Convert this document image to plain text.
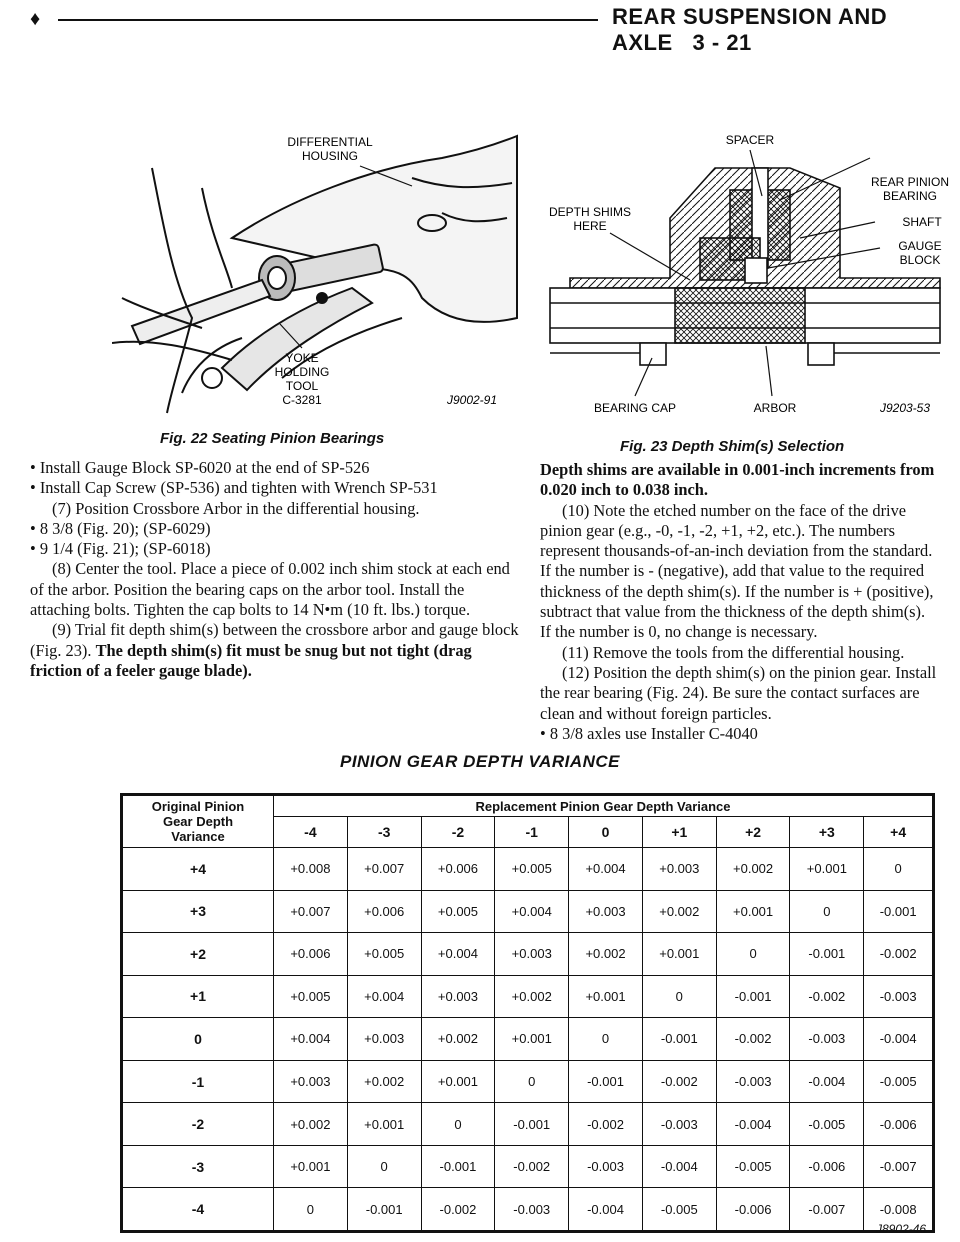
♦	REAR SUSPENSION AND AXLE 3 - 21
DIFFERENTIAL
HOUSING
YOKE
HOLDING
TOOL
C-3281	J9002-91
Fig. 22 Seating Pinion Bearings
SPACER
DEPTH SHIMS
HERE
REAR PINION
BEARING
SHAFT
GAUGE
BLOCK
BEARING CAP	ARBOR	J9203-53
Fig. 23 Depth Shim(s) Selection

• Install Gauge Block SP-6020 at the end of SP-526

• Install Cap Screw (SP-536) and tighten with Wrench SP-531

(7) Position Crossbore Arbor in the differential housing.

• 8 3/8 (Fig. 20); (SP-6029)

• 9 1/4 (Fig. 21); (SP-6018)

(8) Center the tool. Place a piece of 0.002 inch shim stock at each end of the arbor. Position the bearing caps on the arbor tool. Install the attaching bolts. Tighten the cap bolts to 14 N•m (10 ft. lbs.) torque.

(9) Trial fit depth shim(s) between the crossbore arbor and gauge block (Fig. 23). The depth shim(s) fit must be snug but not tight (drag friction of a feeler gauge blade).

Depth shims are available in 0.001-inch increments from 0.020 inch to 0.038 inch.

(10) Note the etched number on the face of the drive pinion gear (e.g., -0, -1, -2, +1, +2, etc.). The numbers represent thousands-of-an-inch deviation from the standard. If the number is - (negative), add that value to the required thickness of the depth shim(s). If the number is + (positive), subtract that value from the thickness of the depth shim(s). If the number is 0, no change is necessary.

(11) Remove the tools from the differential housing.

(12) Position the depth shim(s) on the pinion gear. Install the rear bearing (Fig. 24). Be sure the contact surfaces are clean and without foreign particles.

• 8 3/8 axles use Installer C-4040

PINION GEAR DEPTH VARIANCE
Original Pinion
Gear Depth
Variance	Replacement Pinion Gear Depth Variance								
	-4	-3	-2	-1	0	+1	+2	+3	+4
+4	+0.008	+0.007	+0.006	+0.005	+0.004	+0.003	+0.002	+0.001	0
+3	+0.007	+0.006	+0.005	+0.004	+0.003	+0.002	+0.001	0	-0.001
+2	+0.006	+0.005	+0.004	+0.003	+0.002	+0.001	0	-0.001	-0.002
+1	+0.005	+0.004	+0.003	+0.002	+0.001	0	-0.001	-0.002	-0.003
0	+0.004	+0.003	+0.002	+0.001	0	-0.001	-0.002	-0.003	-0.004
-1	+0.003	+0.002	+0.001	0	-0.001	-0.002	-0.003	-0.004	-0.005
-2	+0.002	+0.001	0	-0.001	-0.002	-0.003	-0.004	-0.005	-0.006
-3	+0.001	0	-0.001	-0.002	-0.003	-0.004	-0.005	-0.006	-0.007
-4	0	-0.001	-0.002	-0.003	-0.004	-0.005	-0.006	-0.007	-0.008
J8902-46
